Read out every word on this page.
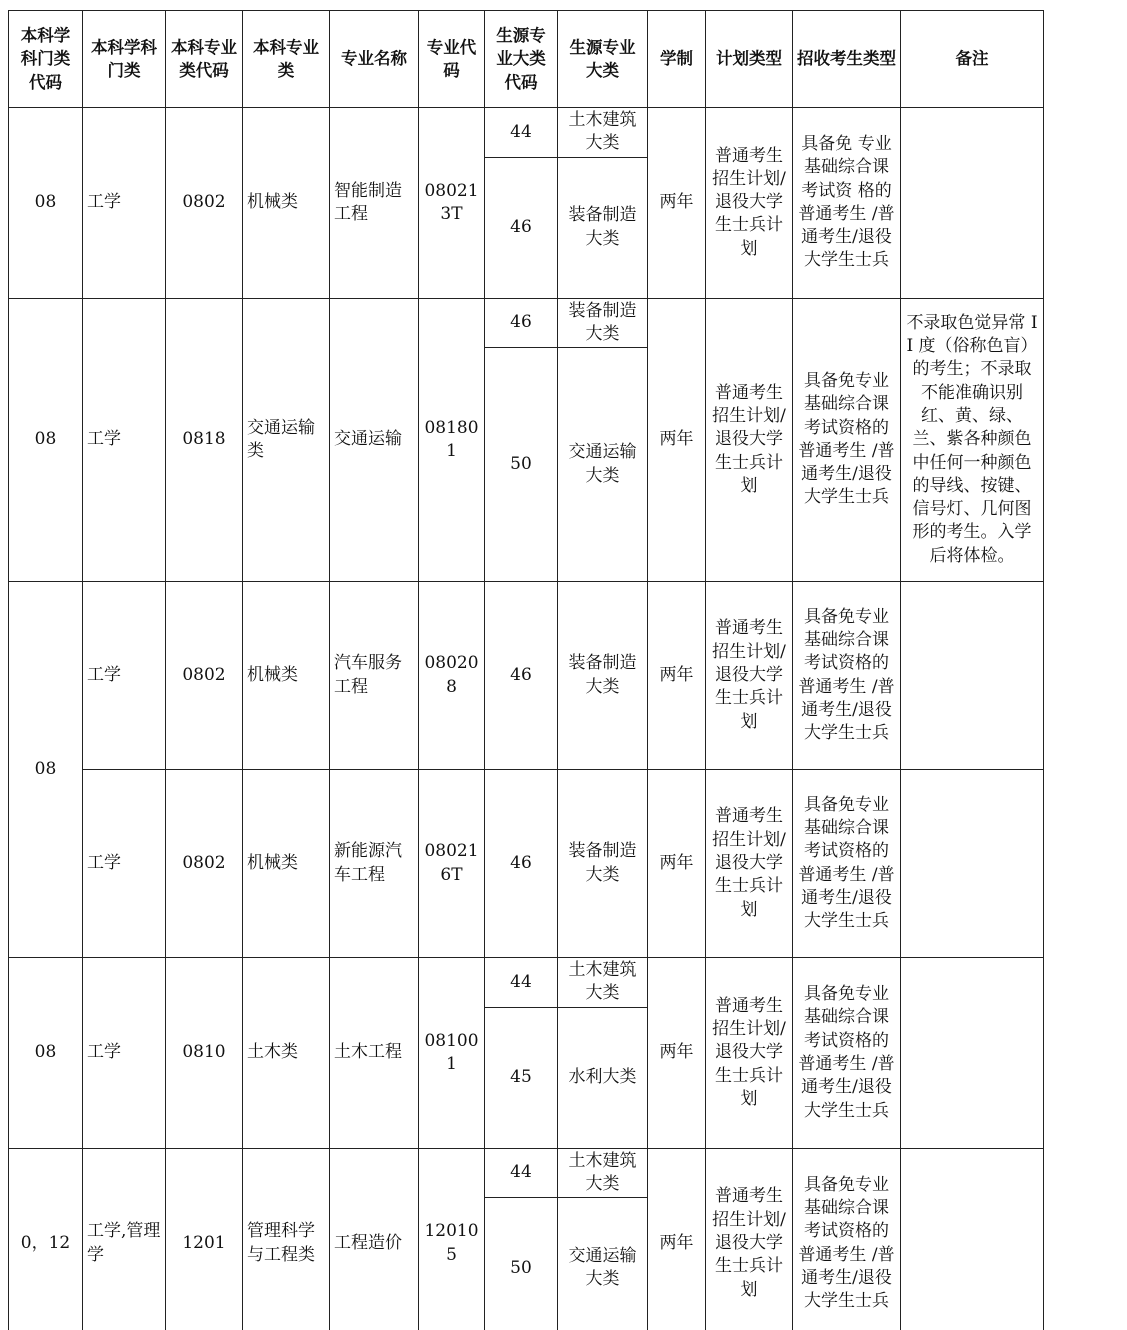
本科学科门类代码	本科学科门类	本科专业类代码	本科专业类	专业名称	专业代码	生源专业大类代码	生源专业大类	学制	计划类型	招收考生类型	备注
08	工学	0802	机械类	智能制造工程	080213T	44	土木建筑大类	两年	普通考生招生计划/退役大学生士兵计划	具备免 专业基础综合课考试资 格的普通考生 /普通考生/退役大学生士兵	
						46	装备制造大类				
08	工学	0818	交通运输类	交通运输	081801	46	装备制造大类	两年	普通考生招生计划/退役大学生士兵计划	具备免专业基础综合课考试资格的普通考生 /普通考生/退役大学生士兵	不录取色觉异常 II 度（俗称色盲）的考生；不录取不能准确识别红、黄、绿、兰、紫各种颜色中任何一种颜色的导线、按键、信号灯、几何图形的考生。入学后将体检。
						50	交通运输大类				
08	工学	0802	机械类	汽车服务工程	080208	46	装备制造大类	两年	普通考生招生计划/退役大学生士兵计划	具备免专业基础综合课考试资格的普通考生 /普通考生/退役大学生士兵	
	工学	0802	机械类	新能源汽车工程	080216T	46	装备制造大类	两年	普通考生招生计划/退役大学生士兵计划	具备免专业基础综合课考试资格的普通考生 /普通考生/退役大学生士兵	
08	工学	0810	土木类	土木工程	081001	44	土木建筑大类	两年	普通考生招生计划/退役大学生士兵计划	具备免专业基础综合课考试资格的普通考生 /普通考生/退役大学生士兵	
						45	水利大类				
0，12	工学,管理学	1201	管理科学与工程类	工程造价	120105	44	土木建筑大类	两年	普通考生招生计划/退役大学生士兵计划	具备免专业基础综合课考试资格的普通考生 /普通考生/退役大学生士兵	
						50	交通运输大类				
